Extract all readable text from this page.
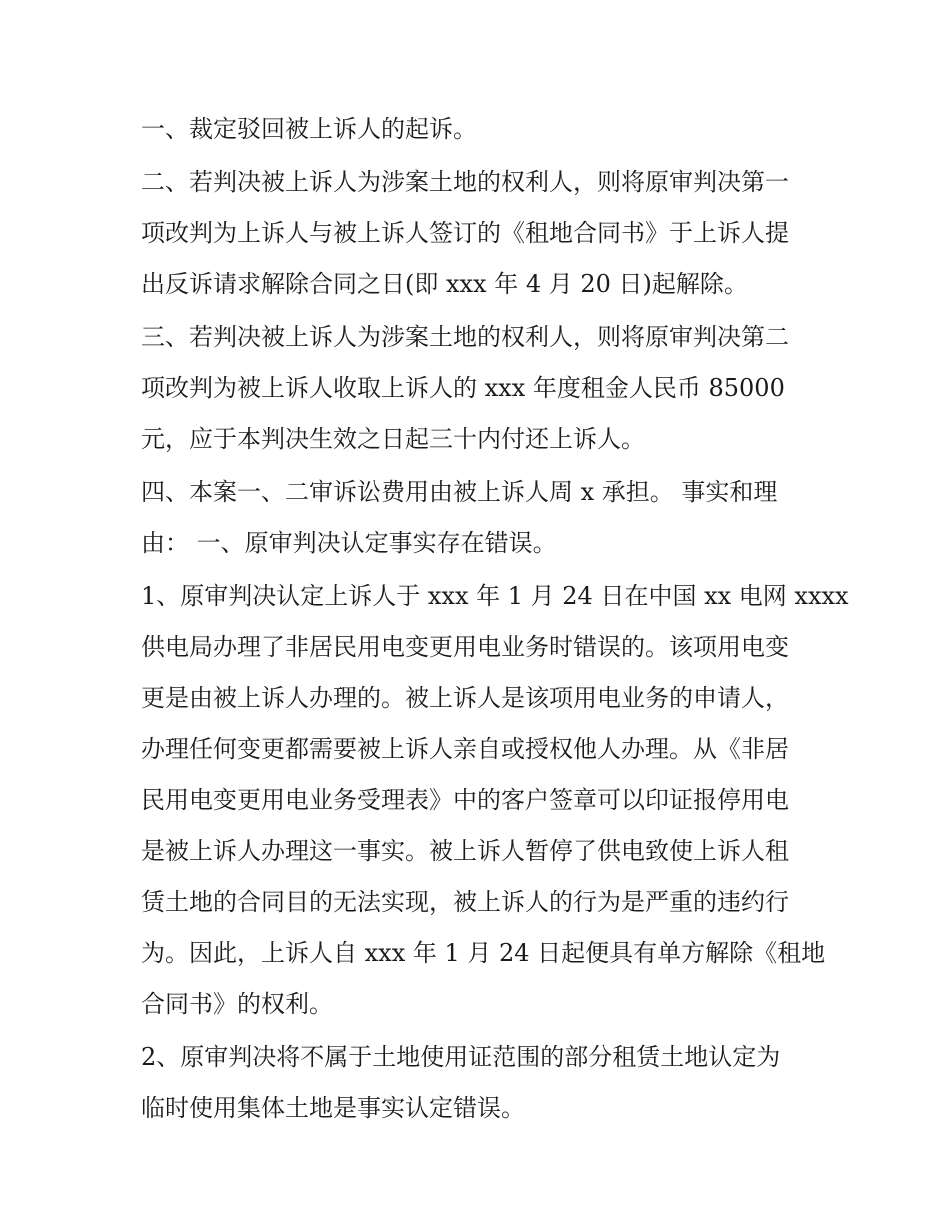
一、裁定驳回被上诉人的起诉。
二、若判决被上诉人为涉案土地的权利人，则将原审判决第一
项改判为上诉人与被上诉人签订的《租地合同书》于上诉人提
出反诉请求解除合同之日(即 xxx 年 4 月 20 日)起解除。
三、若判决被上诉人为涉案土地的权利人，则将原审判决第二
项改判为被上诉人收取上诉人的 xxx 年度租金人民币 85000
元，应于本判决生效之日起三十内付还上诉人。
四、本案一、二审诉讼费用由被上诉人周 x 承担。 事实和理
由： 一、原审判决认定事实存在错误。
1、原审判决认定上诉人于 xxx 年 1 月 24 日在中国 xx 电网 xxxx
供电局办理了非居民用电变更用电业务时错误的。该项用电变
更是由被上诉人办理的。被上诉人是该项用电业务的申请人，
办理任何变更都需要被上诉人亲自或授权他人办理。从《非居
民用电变更用电业务受理表》中的客户签章可以印证报停用电
是被上诉人办理这一事实。被上诉人暂停了供电致使上诉人租
赁土地的合同目的无法实现，被上诉人的行为是严重的违约行
为。因此，上诉人自 xxx 年 1 月 24 日起便具有单方解除《租地
合同书》的权利。
2、原审判决将不属于土地使用证范围的部分租赁土地认定为
临时使用集体土地是事实认定错误。
